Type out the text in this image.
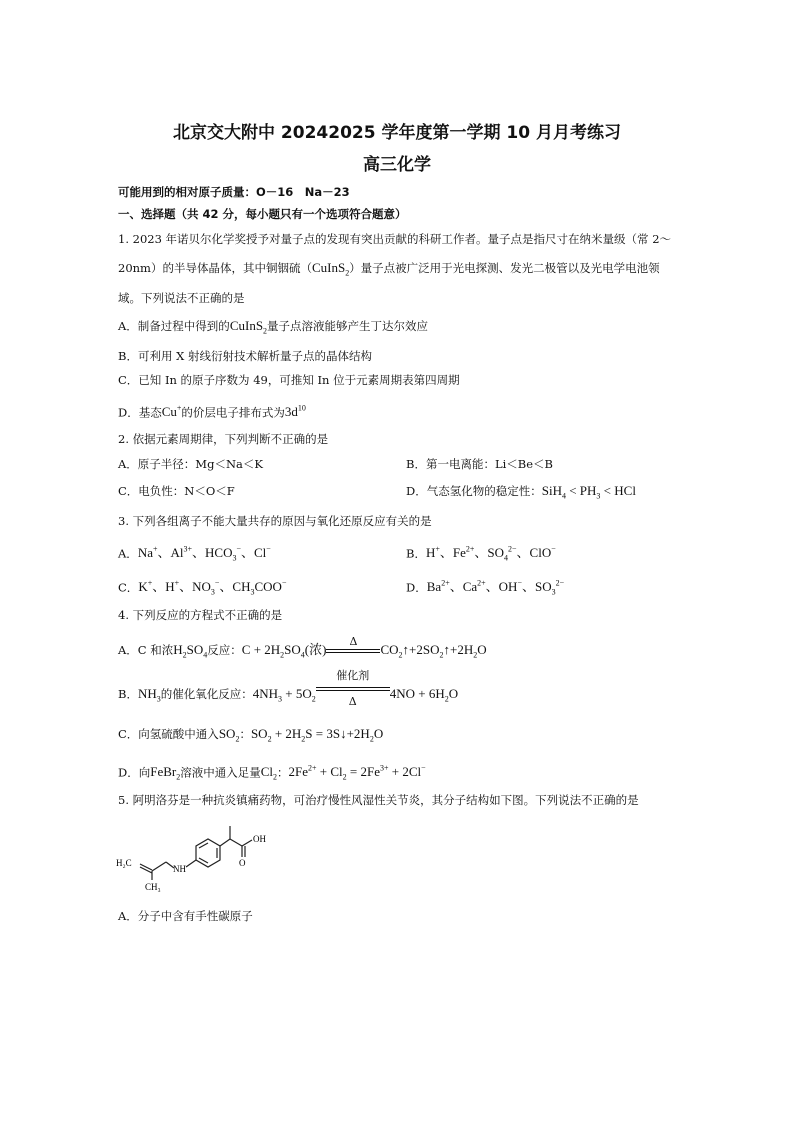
北京交大附中 20242025 学年度第一学期 10 月月考练习
高三化学
可能用到的相对原子质量：O－16　Na－23
一、选择题（共 42 分，每小题只有一个选项符合题意）
1. 2023 年诺贝尔化学奖授予对量子点的发现有突出贡献的科研工作者。量子点是指尺寸在纳米量级（常 2～
20nm）的半导体晶体，其中铜铟硫（CuInS$_2$）量子点被广泛用于光电探测、发光二极管以及光电学电池领
域。下列说法不正确的是
A．制备过程中得到的CuInS$_2$量子点溶液能够产生丁达尔效应
B．可利用 X 射线衍射技术解析量子点的晶体结构
C．已知 In 的原子序数为 49，可推知 In 位于元素周期表第四周期
D．基态Cu+的价层电子排布式为$3d^{10}$
2. 依据元素周期律，下列判断不正确的是
A．原子半径：Mg＜Na＜K	B．第一电离能：Li＜Be＜B
C．电负性：N＜O＜F	D．气态氢化物的稳定性：$SiH_4 < PH_3$ < HCl
3. 下列各组离子不能大量共存的原因与氧化还原反应有关的是
A．Na+、$Al^{3+}$、$HCO_3^-$、Cl−	B．H+、$Fe^{2+}$、$SO_4^{2-}$、ClO−
C．K+、H+、$NO_3^-$、$CH_3COO^-$	D．$Ba^{2+}$、$Ca^{2+}$、OH−、$SO_3^{2-}$
4. 下列反应的方程式不正确的是
A．C 和浓$H_2SO_4$反应：$C + 2H_2SO_4$(浓)
Δ
$CO_2↑+2SO_2↑+2H_2O$
B．$NH_3$的催化氧化反应：$4NH_3 + 5O_2$
催化剂
Δ
$4NO + 6H_2O$
C．向氢硫酸中通入$SO_2$：$SO_2 + 2H_2S$ = $3S↓+2H_2O$
D．向FeBr$_2$溶液中通入足量$Cl_2$：$2Fe^{2+} + Cl_2 = 2Fe^{3+} + 2Cl^-$
5. 阿明洛芬是一种抗炎镇痛药物，可治疗慢性风湿性关节炎，其分子结构如下图。下列说法不正确的是
H₂C
CH₃
NH
OH
O
A．分子中含有手性碳原子
